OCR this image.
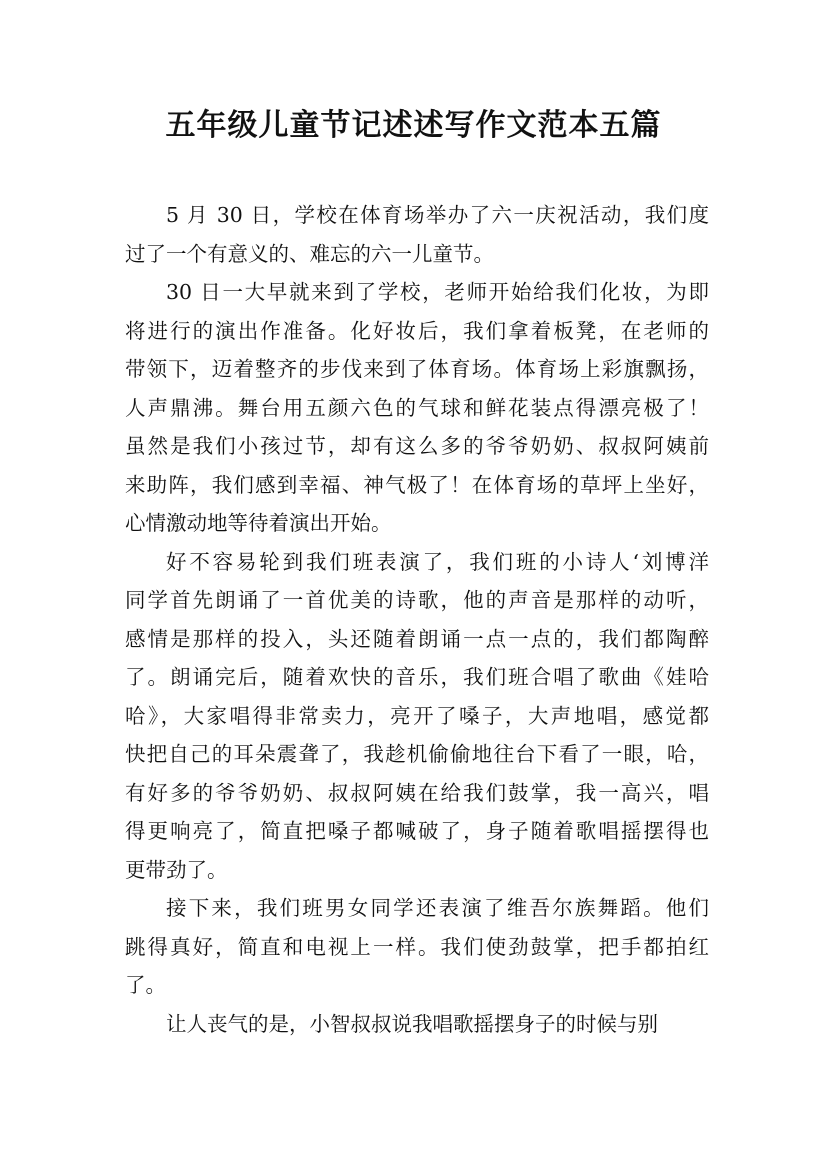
五年级儿童节记述述写作文范本五篇

5 月 30 日，学校在体育场举办了六一庆祝活动，我们度
过了一个有意义的、难忘的六一儿童节。

30 日一大早就来到了学校，老师开始给我们化妆，为即
将进行的演出作准备。化好妆后，我们拿着板凳，在老师的
带领下，迈着整齐的步伐来到了体育场。体育场上彩旗飘扬，
人声鼎沸。舞台用五颜六色的气球和鲜花装点得漂亮极了！
虽然是我们小孩过节，却有这么多的爷爷奶奶、叔叔阿姨前
来助阵，我们感到幸福、神气极了！在体育场的草坪上坐好，
心情激动地等待着演出开始。

好不容易轮到我们班表演了，我们班的小诗人‘刘博洋
同学首先朗诵了一首优美的诗歌，他的声音是那样的动听，
感情是那样的投入，头还随着朗诵一点一点的，我们都陶醉
了。朗诵完后，随着欢快的音乐，我们班合唱了歌曲《娃哈
哈》，大家唱得非常卖力，亮开了嗓子，大声地唱，感觉都
快把自己的耳朵震聋了，我趁机偷偷地往台下看了一眼，哈，
有好多的爷爷奶奶、叔叔阿姨在给我们鼓掌，我一高兴，唱
得更响亮了，简直把嗓子都喊破了，身子随着歌唱摇摆得也
更带劲了。

接下来，我们班男女同学还表演了维吾尔族舞蹈。他们
跳得真好，简直和电视上一样。我们使劲鼓掌，把手都拍红
了。

让人丧气的是，小智叔叔说我唱歌摇摆身子的时候与别
